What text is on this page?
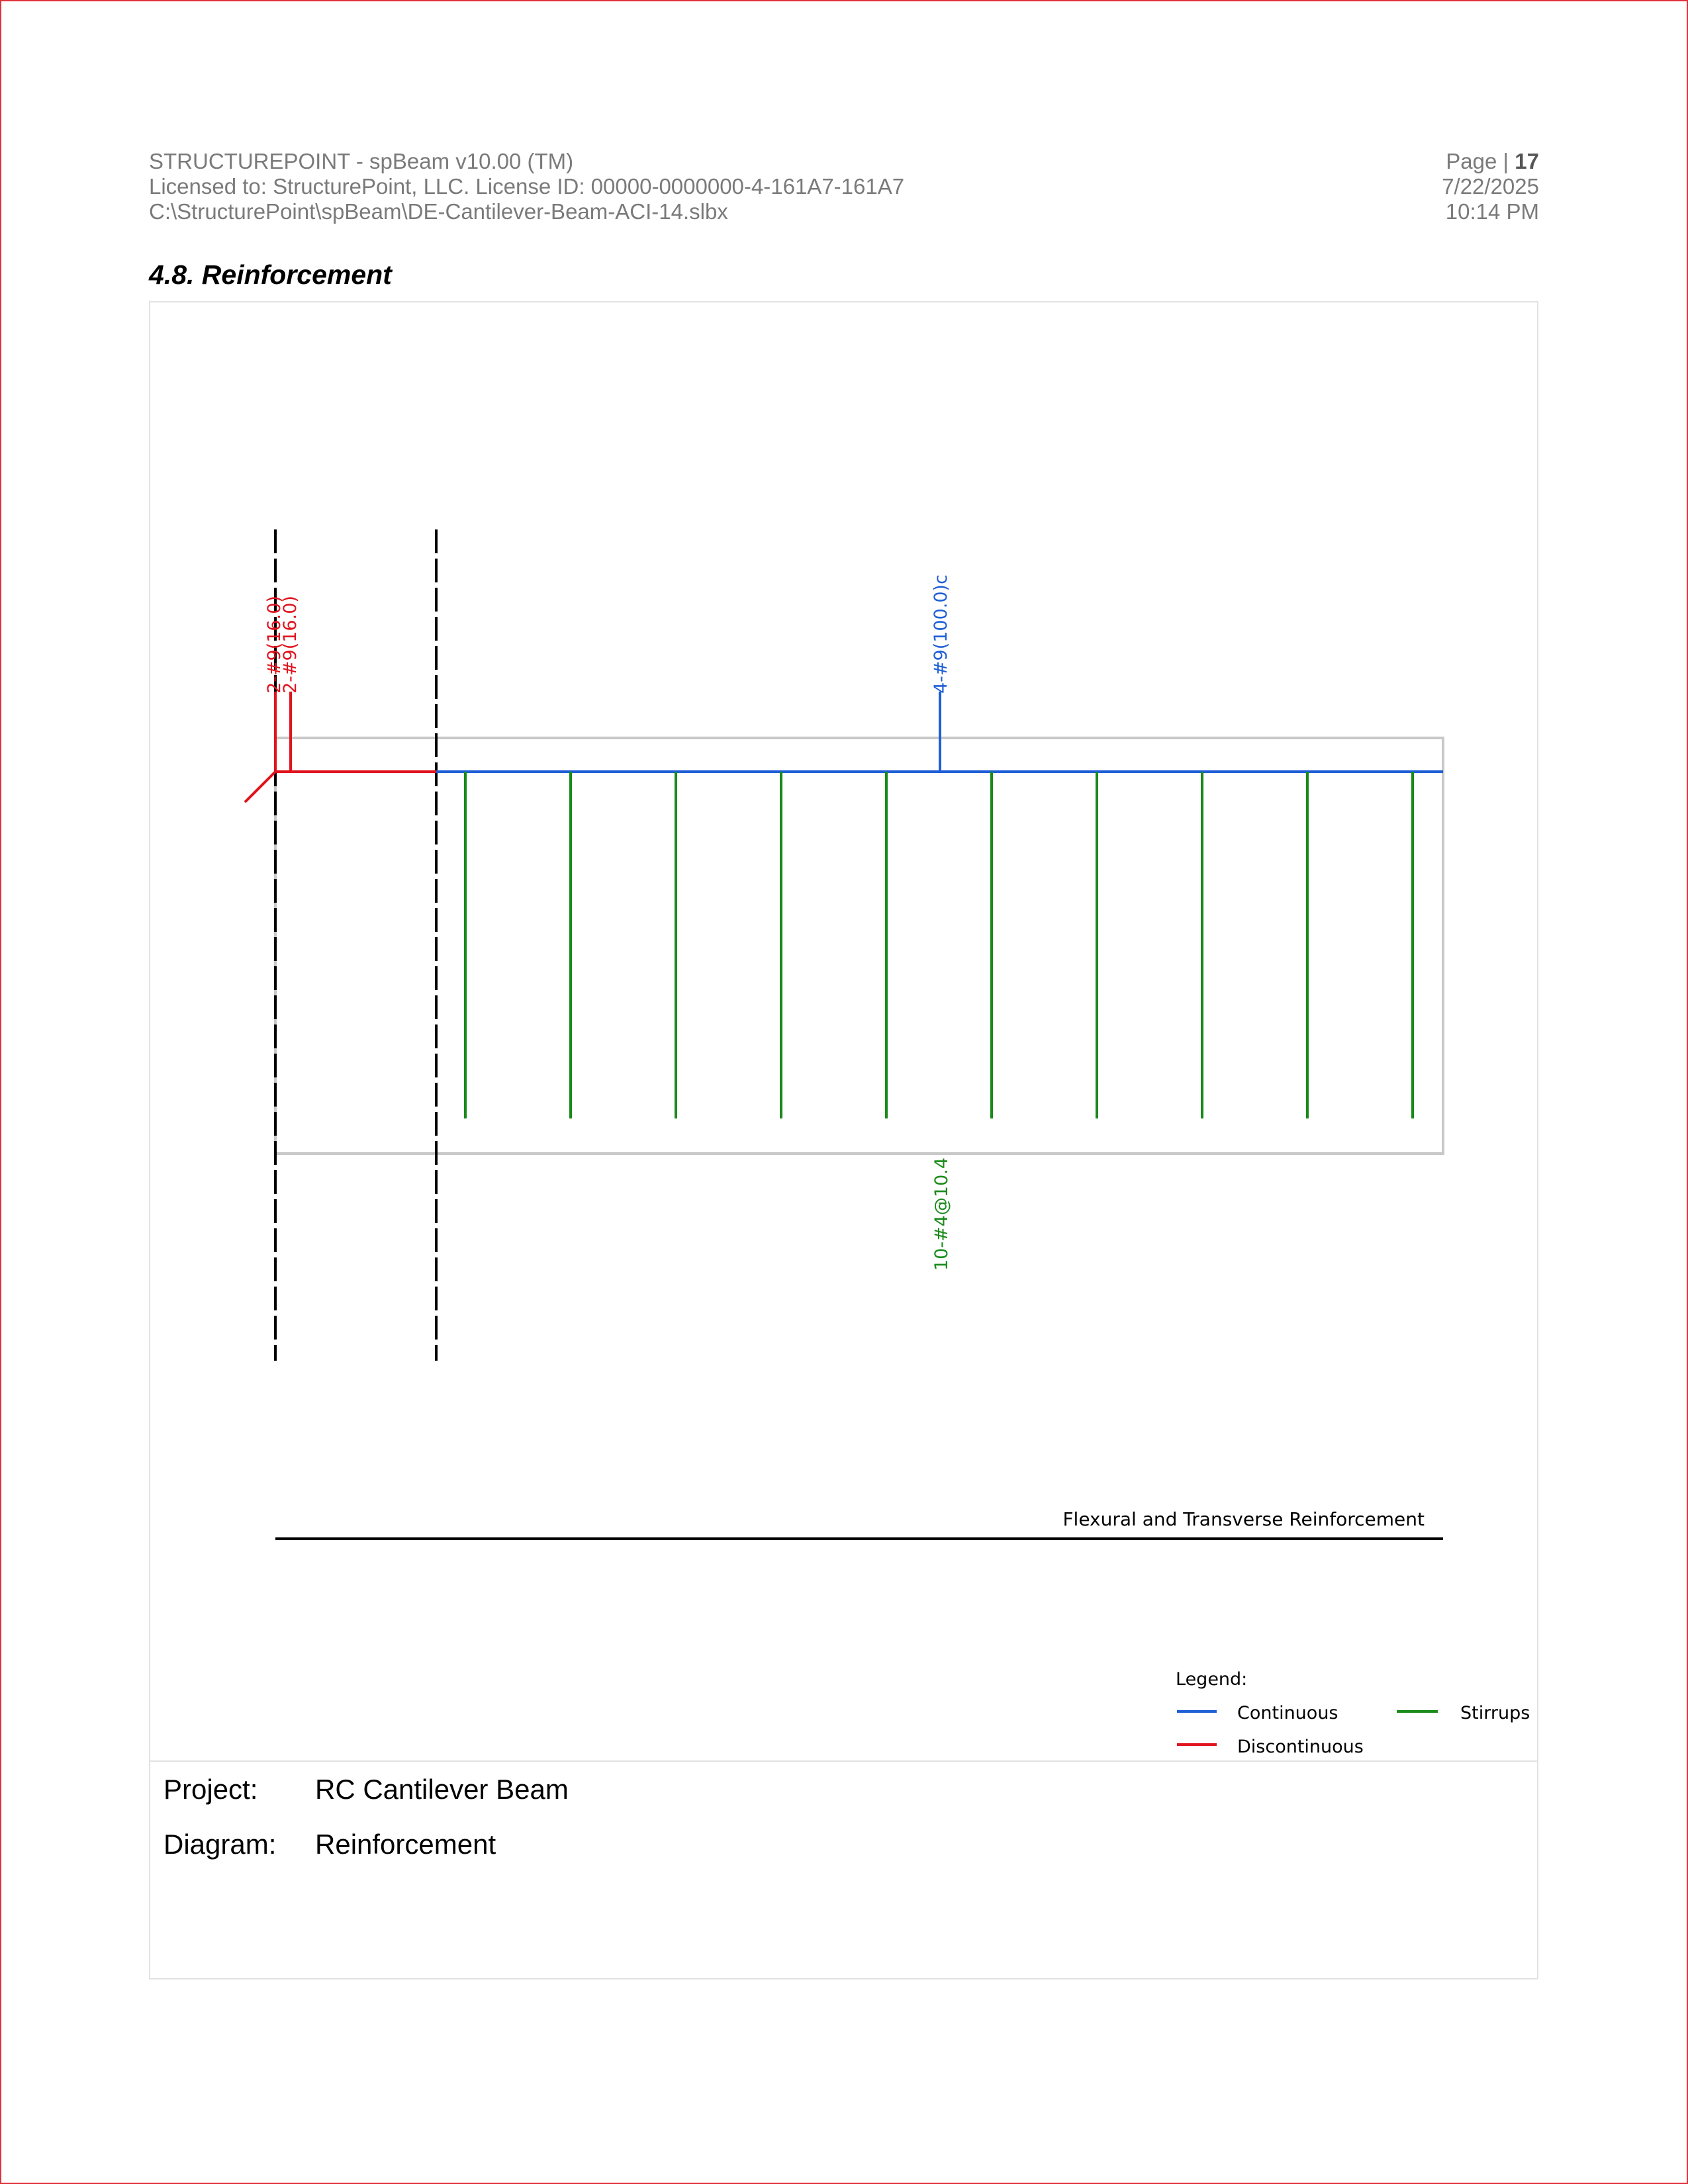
STRUCTUREPOINT - spBeam v10.00 (TM)
Licensed to: StructurePoint, LLC. License ID: 00000-0000000-4-161A7-161A7
C:\StructurePoint\spBeam\DE-Cantilever-Beam-ACI-14.slbx
Page | 17
7/22/2025
10:14 PM
4.8. Reinforcement
2-#9(16.0)
2-#9(16.0)	4-#9(100.0)c
10-#4@10.4
Flexural and Transverse Reinforcement
Legend:
Continuous	Stirrups
Discontinuous
Project: RC Cantilever Beam
Diagram: Reinforcement
